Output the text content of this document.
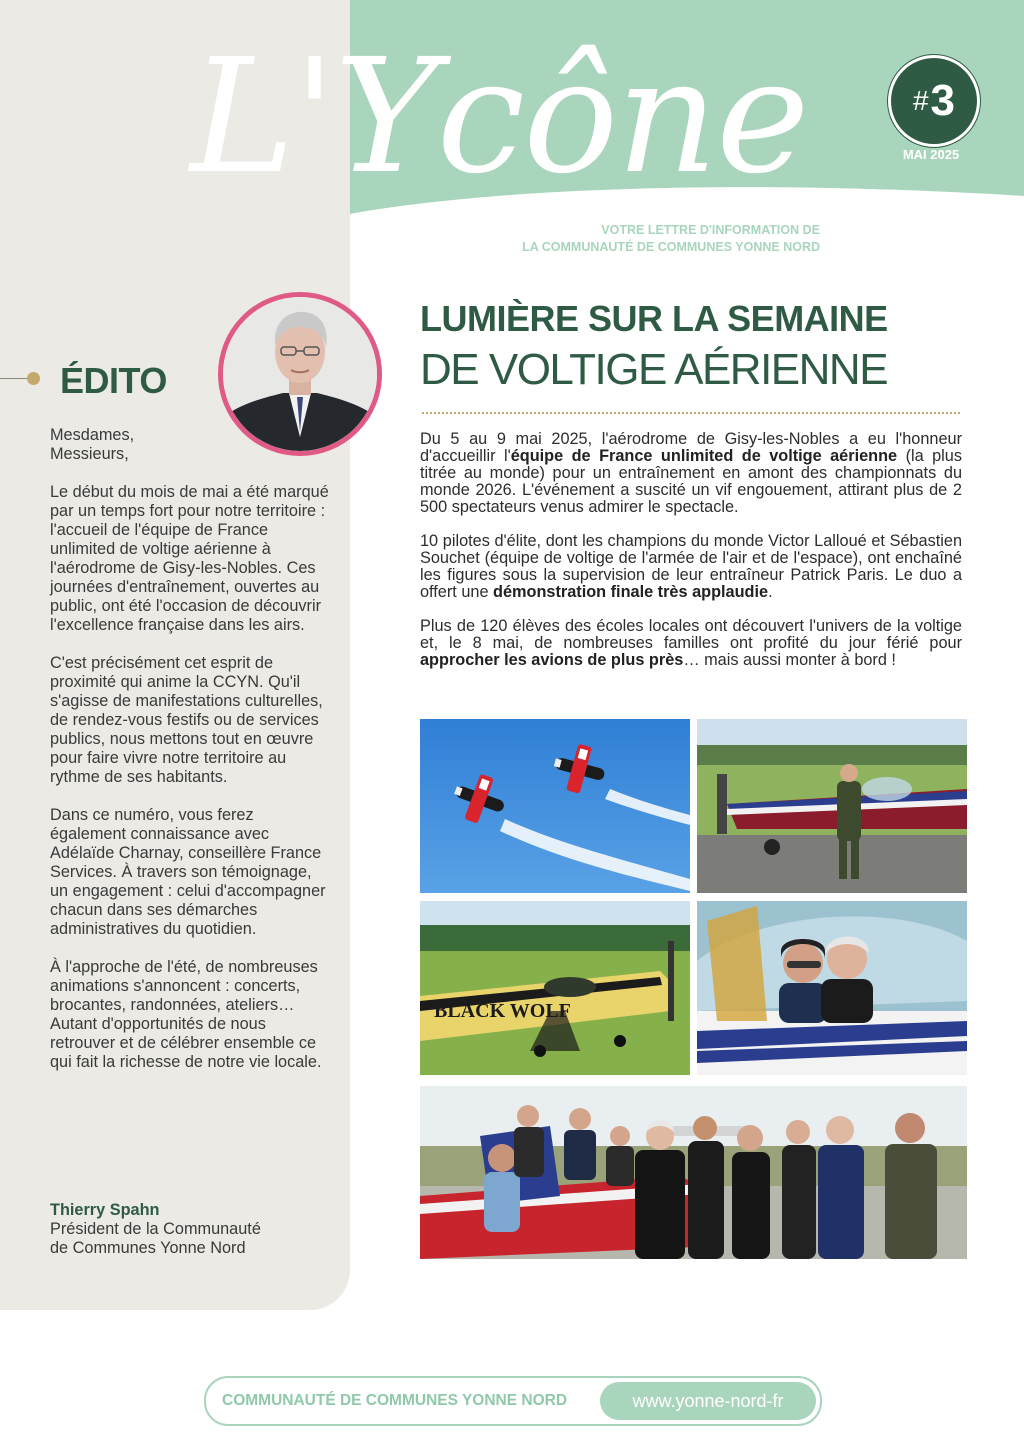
L'Ycône
VOTRE LETTRE D'INFORMATION DE
LA COMMUNAUTÉ DE COMMUNES YONNE NORD
# 3
MAI 2025
ÉDITO

Mesdames,
Messieurs,

Le début du mois de mai a été marqué par un temps fort pour notre territoire : l'accueil de l'équipe de France unlimited de voltige aérienne à l'aérodrome de Gisy-les-Nobles. Ces journées d'entraînement, ouvertes au public, ont été l'occasion de découvrir l'excellence française dans les airs.

C'est précisément cet esprit de proximité qui anime la CCYN. Qu'il s'agisse de manifestations culturelles, de rendez-vous festifs ou de services publics, nous mettons tout en œuvre pour faire vivre notre territoire au rythme de ses habitants.

Dans ce numéro, vous ferez également connaissance avec Adélaïde Charnay, conseillère France Services. À travers son témoignage, un engagement : celui d'accompagner chacun dans ses démarches administratives du quotidien.

À l'approche de l'été, de nombreuses animations s'annoncent : concerts, brocantes, randonnées, ateliers… Autant d'opportunités de nous retrouver et de célébrer ensemble ce qui fait la richesse de notre vie locale.

Thierry Spahn
Président de la Communauté
de Communes Yonne Nord
LUMIÈRE SUR LA SEMAINE
DE VOLTIGE AÉRIENNE

Du 5 au 9 mai 2025, l'aérodrome de Gisy-les-Nobles a eu l'honneur d'accueillir l'équipe de France unlimited de voltige aérienne (la plus titrée au monde) pour un entraînement en amont des championnats du monde 2026. L'événement a suscité un vif engouement, attirant plus de 2 500 spectateurs venus admirer le spectacle.

10 pilotes d'élite, dont les champions du monde Victor Lalloué et Sébastien Souchet (équipe de voltige de l'armée de l'air et de l'espace), ont enchaîné les figures sous la supervision de leur entraîneur Patrick Paris. Le duo a offert une démonstration finale très applaudie.

Plus de 120 élèves des écoles locales ont découvert l'univers de la voltige et, le 8 mai, de nombreuses familles ont profité du jour férié pour approcher les avions de plus près… mais aussi monter à bord !

BLACK WOLF
COMMUNAUTÉ DE COMMUNES YONNE NORD	www.yonne-nord-fr
